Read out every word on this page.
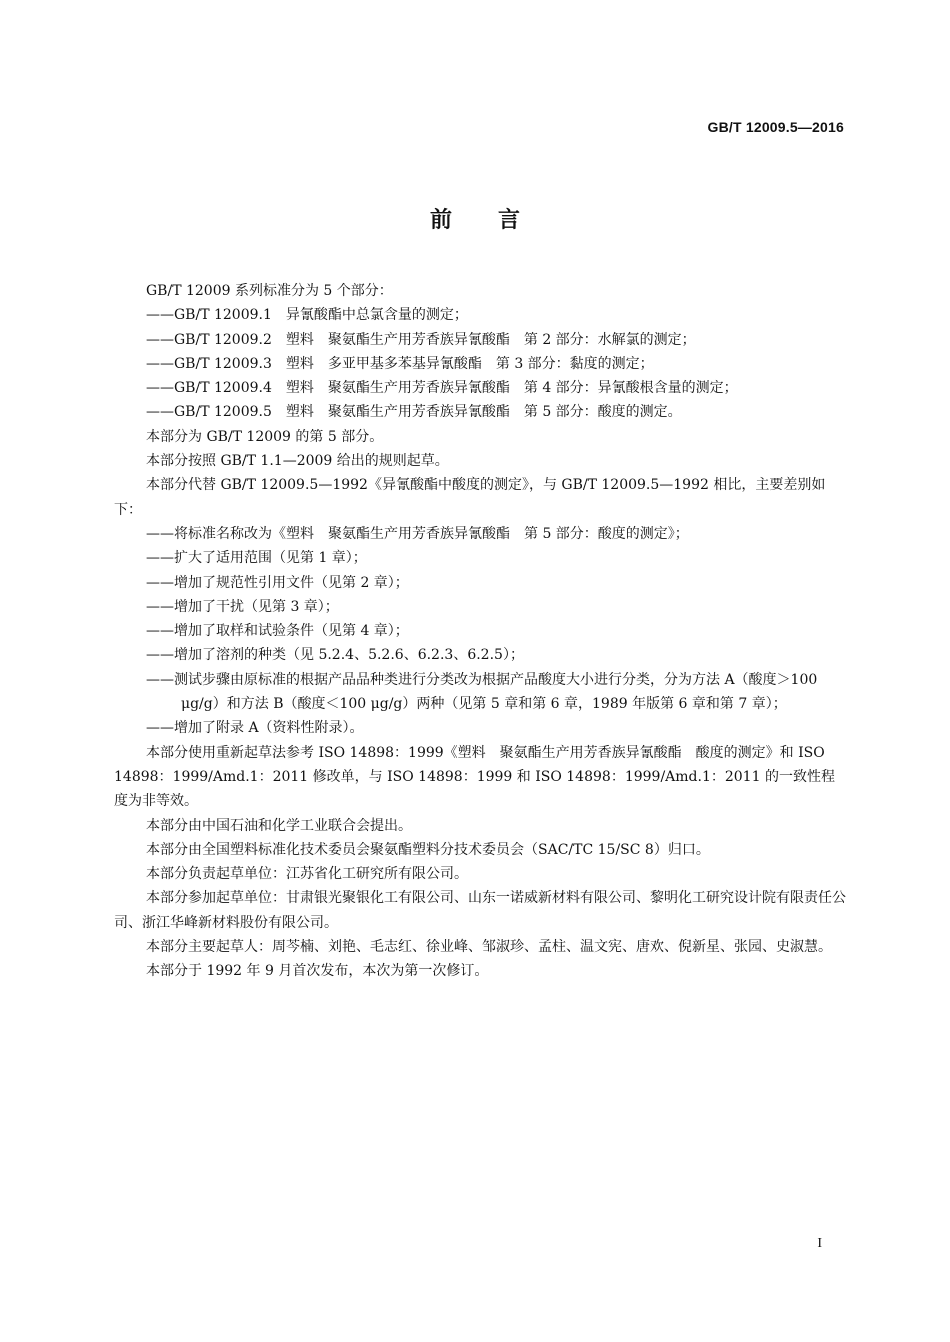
GB/T 12009.5—2016
前言

GB/T 12009 系列标准分为 5 个部分：

——GB/T 12009.1　异氰酸酯中总氯含量的测定；

——GB/T 12009.2　塑料　聚氨酯生产用芳香族异氰酸酯　第 2 部分：水解氯的测定；

——GB/T 12009.3　塑料　多亚甲基多苯基异氰酸酯　第 3 部分：黏度的测定；

——GB/T 12009.4　塑料　聚氨酯生产用芳香族异氰酸酯　第 4 部分：异氰酸根含量的测定；

——GB/T 12009.5　塑料　聚氨酯生产用芳香族异氰酸酯　第 5 部分：酸度的测定。

本部分为 GB/T 12009 的第 5 部分。

本部分按照 GB/T 1.1—2009 给出的规则起草。

本部分代替 GB/T 12009.5—1992《异氰酸酯中酸度的测定》，与 GB/T 12009.5—1992 相比，主要差别如下：

——将标准名称改为《塑料　聚氨酯生产用芳香族异氰酸酯　第 5 部分：酸度的测定》；

——扩大了适用范围（见第 1 章）；

——增加了规范性引用文件（见第 2 章）；

——增加了干扰（见第 3 章）；

——增加了取样和试验条件（见第 4 章）；

——增加了溶剂的种类（见 5.2.4、5.2.6、6.2.3、6.2.5）；

——测试步骤由原标准的根据产品品种类进行分类改为根据产品酸度大小进行分类，分为方法 A（酸度＞100 μg/g）和方法 B（酸度＜100 μg/g）两种（见第 5 章和第 6 章，1989 年版第 6 章和第 7 章）；

——增加了附录 A（资料性附录）。

本部分使用重新起草法参考 ISO 14898：1999《塑料　聚氨酯生产用芳香族异氰酸酯　酸度的测定》和 ISO 14898：1999/Amd.1：2011 修改单，与 ISO 14898：1999 和 ISO 14898：1999/Amd.1：2011 的一致性程度为非等效。

本部分由中国石油和化学工业联合会提出。

本部分由全国塑料标准化技术委员会聚氨酯塑料分技术委员会（SAC/TC 15/SC 8）归口。

本部分负责起草单位：江苏省化工研究所有限公司。

本部分参加起草单位：甘肃银光聚银化工有限公司、山东一诺威新材料有限公司、黎明化工研究设计院有限责任公司、浙江华峰新材料股份有限公司。

本部分主要起草人：周芩楠、刘艳、毛志红、徐业峰、邹淑珍、孟柱、温文宪、唐欢、倪新星、张园、史淑慧。

本部分于 1992 年 9 月首次发布，本次为第一次修订。

I
